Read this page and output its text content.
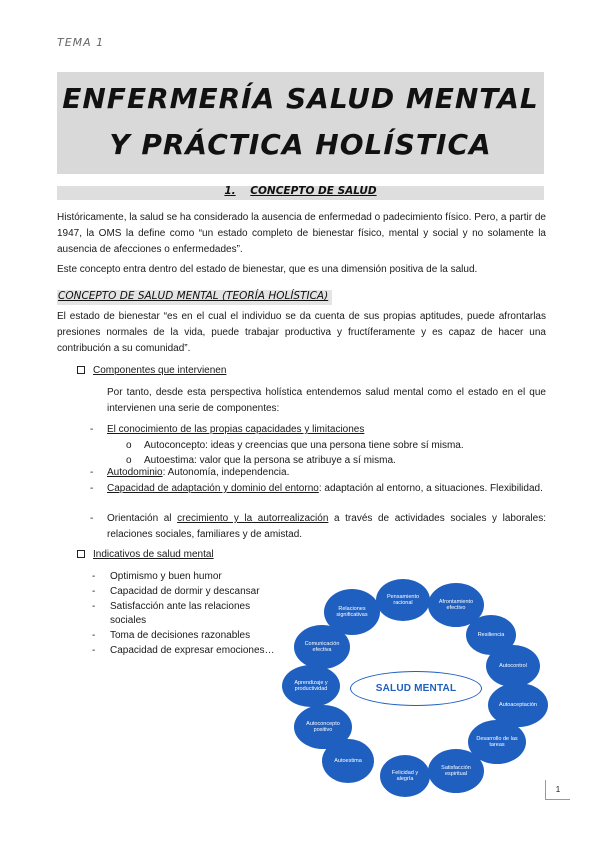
TEMA 1
ENFERMERÍA SALUD MENTAL
Y PRÁCTICA HOLÍSTICA
1. CONCEPTO DE SALUD
Históricamente, la salud se ha considerado la ausencia de enfermedad o padecimiento físico. Pero, a partir de 1947, la OMS la define como “un estado completo de bienestar físico, mental y social y no solamente la ausencia de afecciones o enfermedades”.
Este concepto entra dentro del estado de bienestar, que es una dimensión positiva de la salud.
CONCEPTO DE SALUD MENTAL (TEORÍA HOLÍSTICA)
El estado de bienestar “es en el cual el individuo se da cuenta de sus propias aptitudes, puede afrontarlas presiones normales de la vida, puede trabajar productiva y fructíferamente y es capaz de hacer una contribución a su comunidad”.
Componentes que intervienen
Por tanto, desde esta perspectiva holística entendemos salud mental como el estado en el que intervienen una serie de componentes:
- El conocimiento de las propias capacidades y limitaciones
o Autoconcepto: ideas y creencias que una persona tiene sobre sí misma.
o Autoestima: valor que la persona se atribuye a sí misma.
- Autodominio: Autonomía, independencia.
- Capacidad de adaptación y dominio del entorno: adaptación al entorno, a situaciones. Flexibilidad.
- Orientación al crecimiento y la autorrealización a través de actividades sociales y laborales: relaciones sociales, familiares y de amistad.
Indicativos de salud mental
- Optimismo y buen humor
- Capacidad de dormir y descansar
- Satisfacción ante las relaciones sociales
- Toma de decisiones razonables
- Capacidad de expresar emociones…
SALUD MENTAL
Pensamiento racional	Afrontamiento efectivo
Resiliencia
Autocontrol
Autoaceptación
Desarrollo de las tareas
Satisfacción espiritual
Felicidad y alegría
Autoestima
Autoconcepto positivo
Aprendizaje y productividad
Comunicación efectiva
Relaciones significativas
1
